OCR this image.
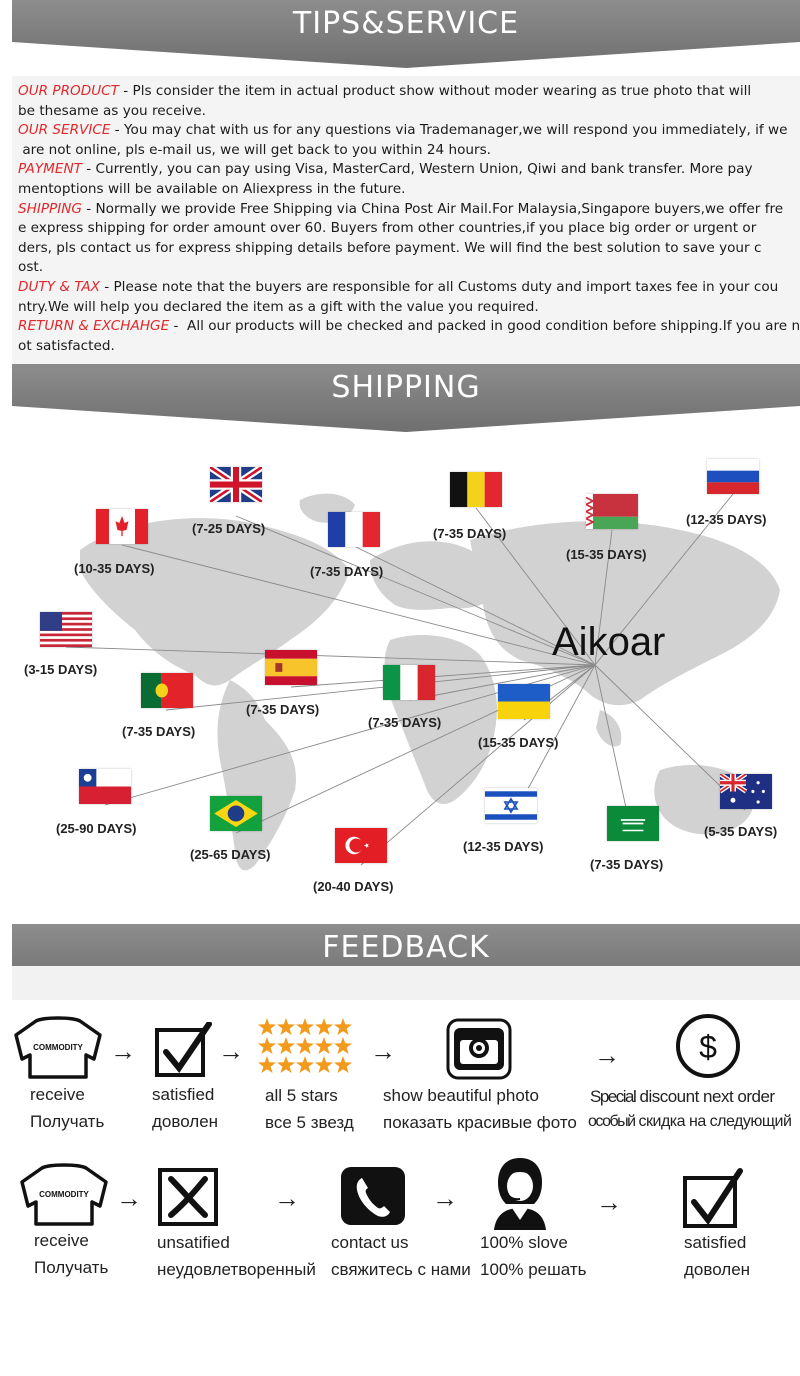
TIPS&SERVICE
OUR PRODUCT - Pls consider the item in actual product show without moder wearing as true photo that will
be thesame as you receive.
OUR SERVICE - You may chat with us for any questions via Trademanager,we will respond you immediately, if we
are not online, pls e-mail us, we will get back to you within 24 hours.
PAYMENT - Currently, you can pay using Visa, MasterCard, Western Union, Qiwi and bank transfer. More pay
mentoptions will be available on Aliexpress in the future.
SHIPPING - Normally we provide Free Shipping via China Post Air Mail.For Malaysia,Singapore buyers,we offer fre
e express shipping for order amount over 60. Buyers from other countries,if you place big order or urgent or
ders, pls contact us for express shipping details before payment. We will find the best solution to save your c
ost.
DUTY & TAX - Please note that the buyers are responsible for all Customs duty and import taxes fee in your cou
ntry.We will help you declared the item as a gift with the value you required.
RETURN & EXCHAHGE -  All our products will be checked and packed in good condition before shipping.If you are n
ot satisfacted.
SHIPPING
Aikoar
(7-25 DAYS)	(7-35 DAYS)
(12-35 DAYS)
(10-35 DAYS)	(7-35 DAYS)
(15-35 DAYS)
(3-15 DAYS)
(7-35 DAYS)
(7-35 DAYS)
(7-35 DAYS)
(15-35 DAYS)
(25-90 DAYS)
(25-65 DAYS)
(20-40 DAYS)
(12-35 DAYS)
(7-35 DAYS)
(5-35 DAYS)
FEEDBACK
COMMODITY →	→	→	→ $
receive
Получать
satisfied
доволен
all 5 stars
все 5 звезд
show beautiful photo
показать красивые фото
Special discount next order
особый скидка на следующий
COMMODITY →	→	→	→
receive
Получать
unsatified
неудовлетворенный
contact us
свяжитесь с нами
100% slove
100% решать
satisfied
доволен
